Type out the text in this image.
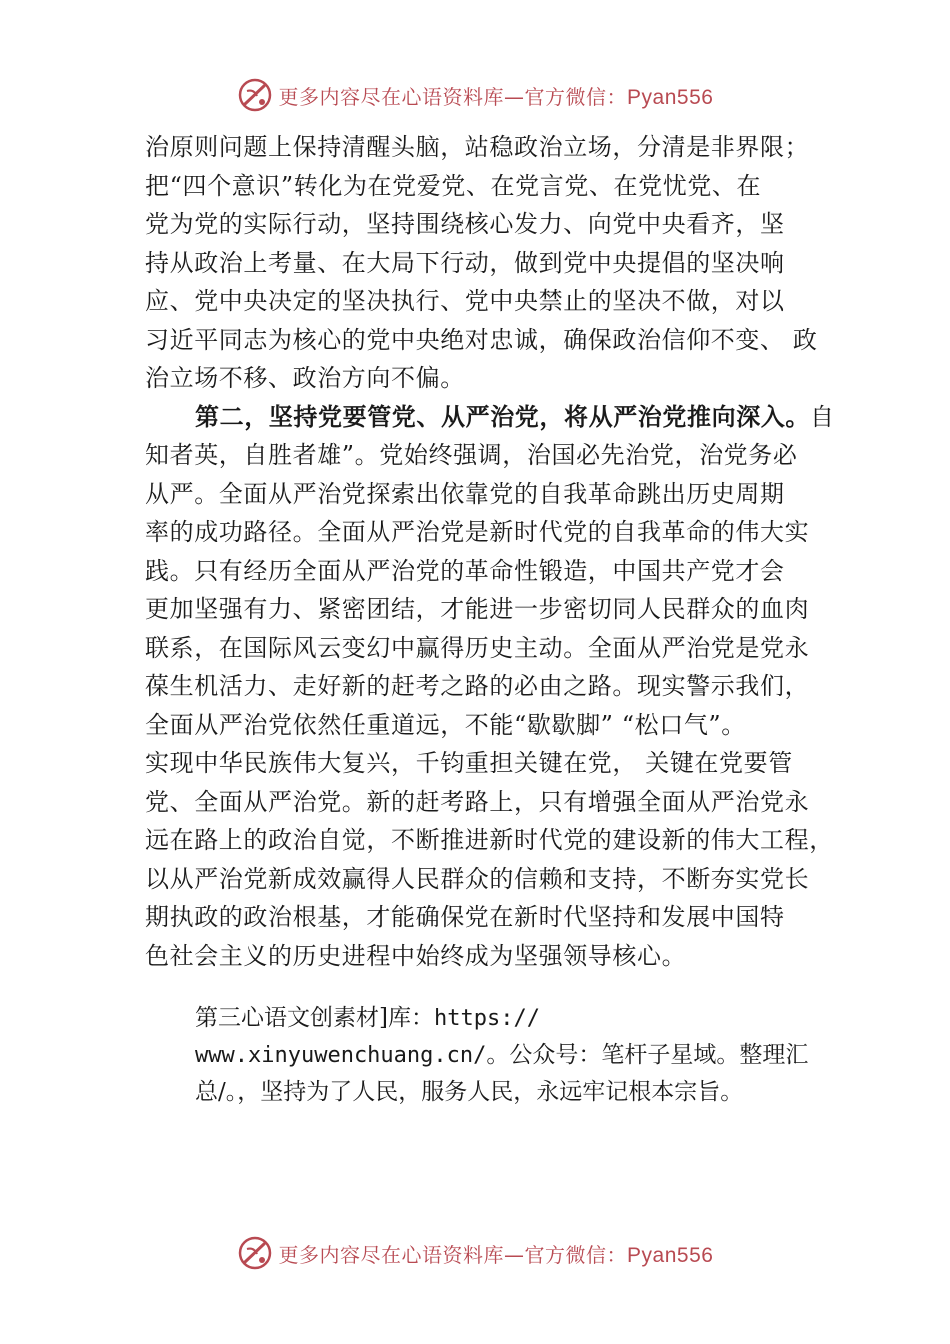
更多内容尽在心语资料库—官方微信：Pyan556
治原则问题上保持清醒头脑，站稳政治立场，分清是非界限；
把“四个意识”转化为在党爱党、在党言党、在党忧党、在
党为党的实际行动，坚持围绕核心发力、向党中央看齐，坚
持从政治上考量、在大局下行动，做到党中央提倡的坚决响
应、党中央决定的坚决执行、党中央禁止的坚决不做，对以
习近平同志为核心的党中央绝对忠诚，确保政治信仰不变、 政
治立场不移、政治方向不偏。
第二，坚持党要管党、从严治党，将从严治党推向深入。自
知者英，自胜者雄”。党始终强调，治国必先治党，治党务必
从严。全面从严治党探索出依靠党的自我革命跳出历史周期
率的成功路径。全面从严治党是新时代党的自我革命的伟大实
践。只有经历全面从严治党的革命性锻造，中国共产党才会
更加坚强有力、紧密团结，才能进一步密切同人民群众的血肉
联系，在国际风云变幻中赢得历史主动。全面从严治党是党永
葆生机活力、走好新的赶考之路的必由之路。现实警示我们，
全面从严治党依然任重道远，不能“歇歇脚” “松口气”。
实现中华民族伟大复兴，千钧重担关键在党， 关键在党要管
党、全面从严治党。新的赶考路上，只有增强全面从严治党永
远在路上的政治自觉，不断推进新时代党的建设新的伟大工程，
以从严治党新成效赢得人民群众的信赖和支持，不断夯实党长
期执政的政治根基，才能确保党在新时代坚持和发展中国特
色社会主义的历史进程中始终成为坚强领导核心。
第三心语文创素材]库：https://
www.xinyuwenchuang.cn/。公众号：笔杆子星域。整理汇
总/。，坚持为了人民，服务人民，永远牢记根本宗旨。
更多内容尽在心语资料库—官方微信：Pyan556
